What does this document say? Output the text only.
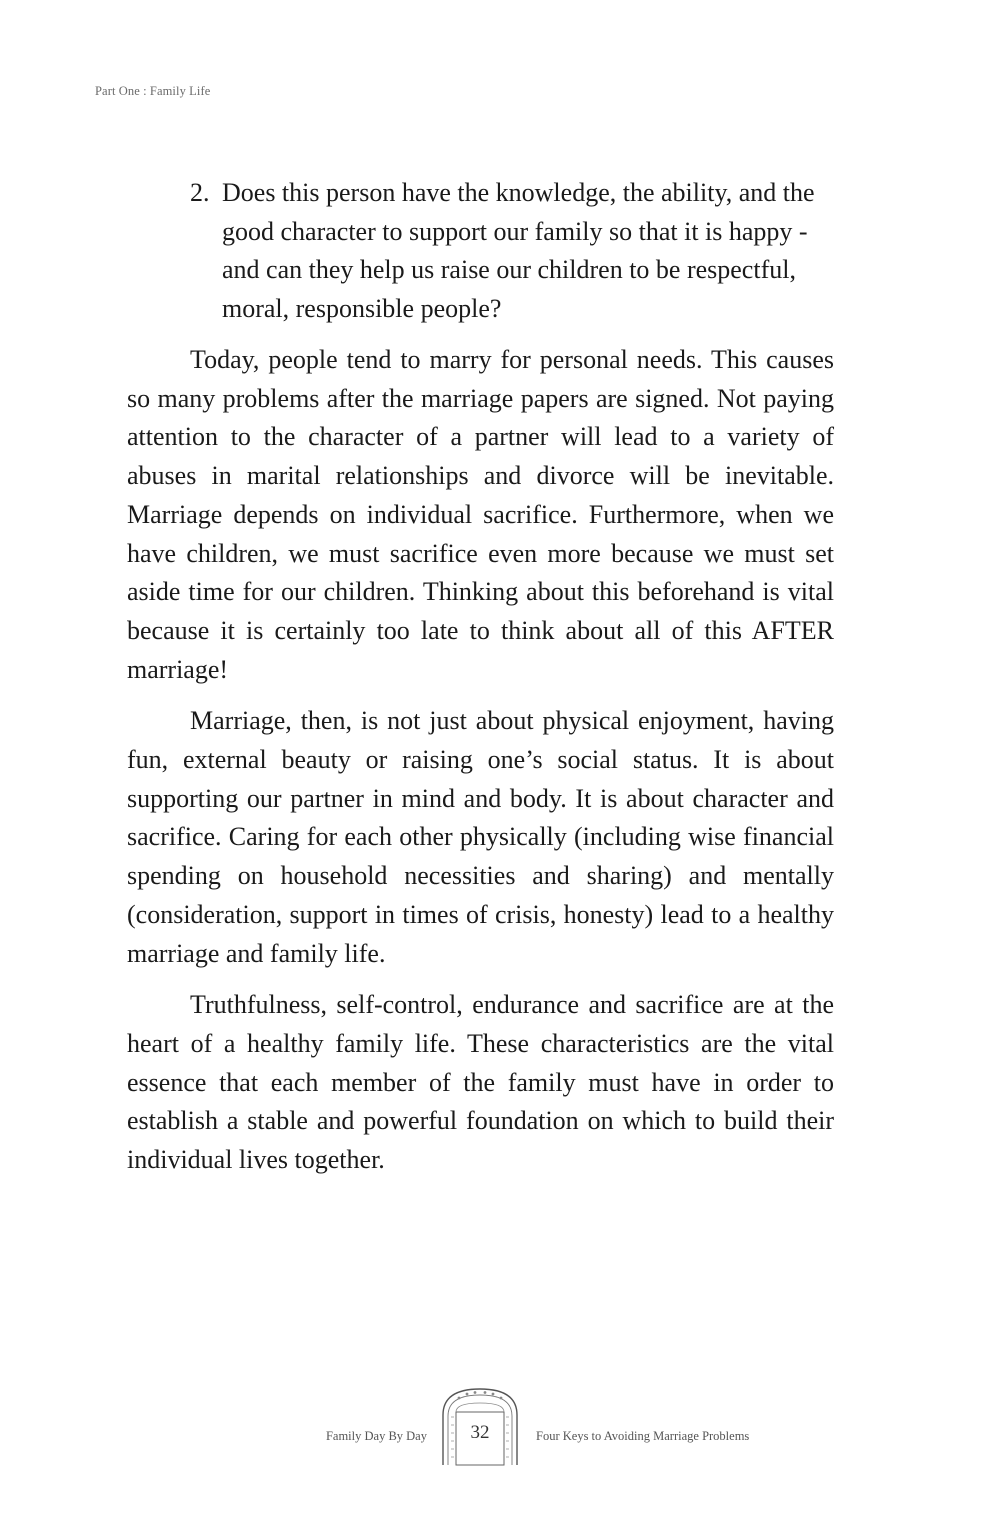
Part One : Family Life
2. Does this person have the knowledge, the ability, and the good character to support our family so that it is happy - and can they help us raise our children to be respectful, moral, responsible people?

Today, people tend to marry for personal needs. This causes so many problems after the marriage papers are signed. Not paying attention to the character of a partner will lead to a variety of abuses in marital relationships and divorce will be inevitable. Marriage depends on individual sacrifice. Furthermore, when we have children, we must sacrifice even more because we must set aside time for our children. Thinking about this beforehand is vital because it is certainly too late to think about all of this AFTER marriage!

Marriage, then, is not just about physical enjoyment, having fun, external beauty or raising one’s social status. It is about supporting our partner in mind and body. It is about character and sacrifice. Caring for each other physically (including wise financial spending on household necessities and sharing) and mentally (consideration, support in times of crisis, honesty) lead to a healthy marriage and family life.

Truthfulness, self-control, endurance and sacrifice are at the heart of a healthy family life. These characteristics are the vital essence that each member of the family must have in order to establish a stable and powerful foundation on which to build their individual lives together.

Family Day By Day	32	Four Keys to Avoiding Marriage Problems
